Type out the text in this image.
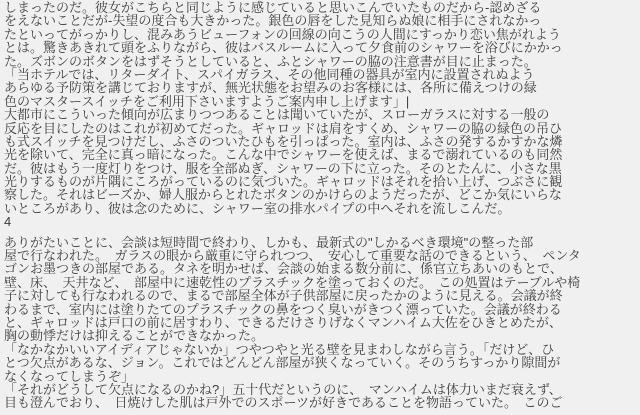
しまったのだ。彼女がこちらと同じように感じていると思いこんでいたものだから-認めざる
をえないことだが-失望の度合も大きかった。銀色の唇をした見知らぬ娘に相手にされなかっ
たといってがっかりし、混みあうビューフォンの回線の向こうの人間にすっかり恋い焦がれよう
とは。驚きあきれて頭をふりながら、彼はバスルームに入って夕食前のシャワーを浴びにかかっ
た。ズボンのボタンをはずそうとしていると、ふとシャワーの脇の注意書が目に止まった。
「当ホテルでは、リターダイト、スパイガラス、その他同種の器具が室内に設置されぬよう
あらゆる予防策を講じておりますが、無光状態をお望みのお客様には、各所に備えつけの緑
色のマスタースイッチをご利用下さいますようご案内申し上げます」|
大都市にこういった傾向が広まりつつあることは聞いていたが、スローガラスに対する一般の
反応を目にしたのはこれが初めてだった。ギャロッドは肩をすくめ、シャワーの脇の緑色の吊ひ
も式スイッチを見つけだし、ふさのついたひもを引っぱった。室内は、ふさの発するかすかな燐
光を除いて、完全に真っ暗になった。こんな中でシャワーを使えば、まるで溺れているのも同然
だ。彼はもう一度灯りをつけ、服を全部ぬぎ、シャワーの下に立った。そのとたんに、小さな黒
光りするものが片隅にころがっているのに気づいた。ギャロッドはそれを拾い上げ、つぶさに観
察した。それはビーズか、婦人服からとれたボタンのかけらのようだったが、どこか気にいらな
いところがあり、彼は念のために、シャワー室の排水パイプの中へそれを流しこんだ。
4
ありがたいことに、会談は短時間で終わり、しかも、最新式の"しかるべき環境"の整った部
屋で行なわれた。　ガラスの眼から厳重に守られつつ、　安心して重要な話のできるという、　ペンタ
ゴンお墨つきの部屋である。タネを明かせば、会談の始まる数分前に、係官立ちあいのもとで、
壁、床、　天井など、　部屋中に速乾性のプラスチックを塗っておくのだ。　この処置はテーブルや椅
子に対しても行なわれるので、まるで部屋全体が子供部屋に戻ったかのように見える。会議が終
わるまで、室内には塗りたてのプラスチックの鼻をつく臭いがきつく漂っていた。会議が終わる
と、ギャロッドは戸口の前に居すわり、できるだけさりげなくマンハイム大佐をひきとめたが、
胸の動悸だけは抑えることができなかった。
「なかなかいいアイディアじゃないか」つやつやと光る壁を見まわしながら言う。「だけど、ひ
とつ欠点があるな、ジョン。これではどんどん部屋が狭くなっていく。そのうちすっかり隙間が
なくなってしまうぞ」
「それがどうして欠点になるのかね?」五十代だというのに、　マンハイムは体力いまだ衰えず、
目も澄んでおり、　日焼けした肌は戸外でのスポーツが好きであることを物語っていた。　このご
